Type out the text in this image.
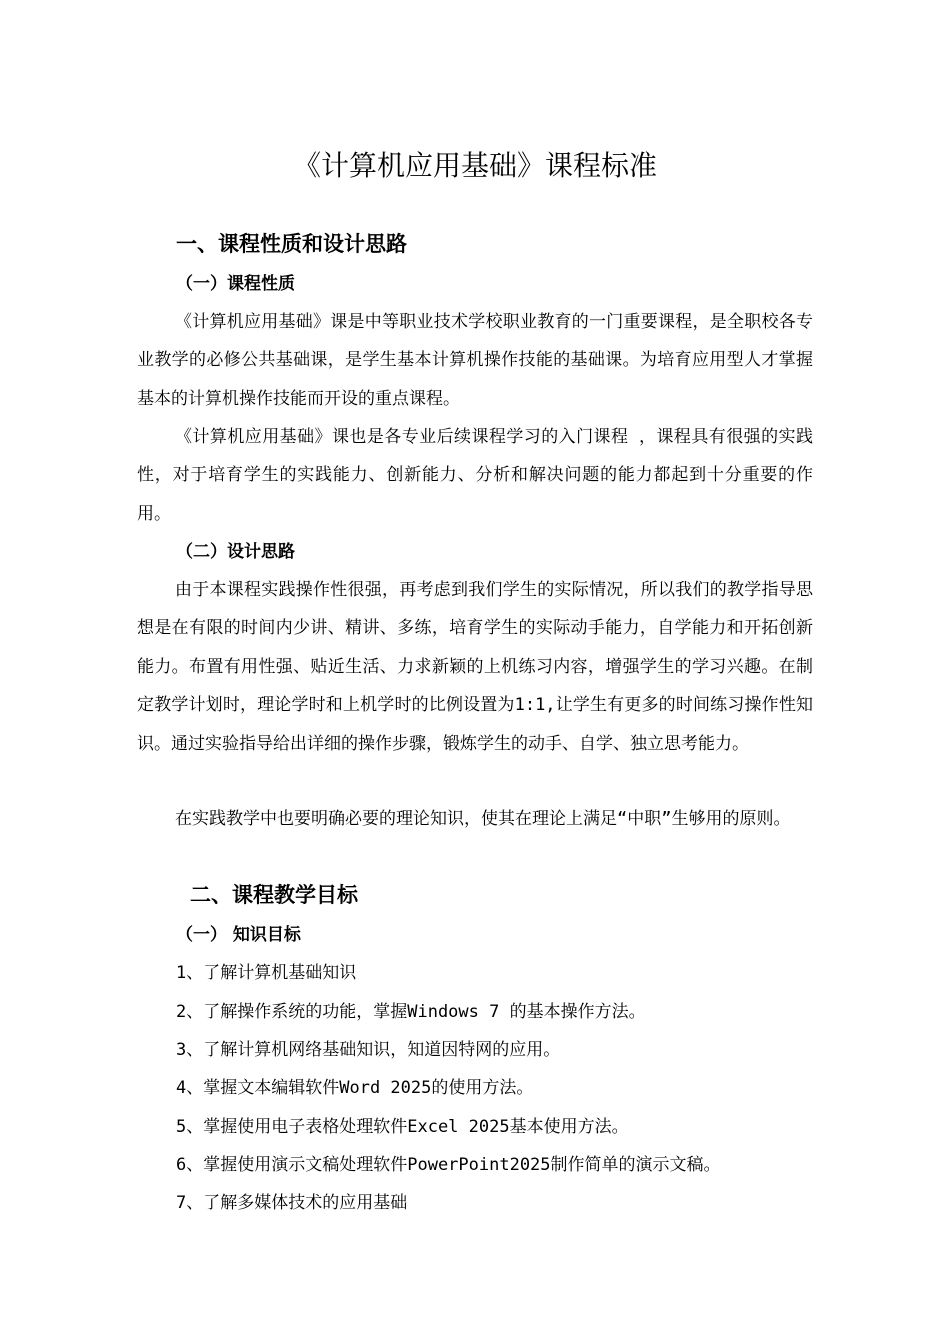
《计算机应用基础》课程标准
一、课程性质和设计思路
（一）课程性质

《计算机应用基础》课是中等职业技术学校职业教育的一门重要课程，是全职校各专业教学的必修公共基础课，是学生基本计算机操作技能的基础课。为培育应用型人才掌握基本的计算机操作技能而开设的重点课程。

《计算机应用基础》课也是各专业后续课程学习的入门课程 ，课程具有很强的实践性，对于培育学生的实践能力、创新能力、分析和解决问题的能力都起到十分重要的作用。

（二）设计思路

由于本课程实践操作性很强，再考虑到我们学生的实际情况，所以我们的教学指导思想是在有限的时间内少讲、精讲、多练，培育学生的实际动手能力，自学能力和开拓创新能力。布置有用性强、贴近生活、力求新颖的上机练习内容，增强学生的学习兴趣。在制定教学计划时，理论学时和上机学时的比例设置为1:1,让学生有更多的时间练习操作性知识。通过实验指导给出详细的操作步骤，锻炼学生的动手、自学、独立思考能力。

在实践教学中也要明确必要的理论知识，使其在理论上满足“中职”生够用的原则。

二、课程教学目标
（一） 知识目标
1、了解计算机基础知识
2、了解操作系统的功能，掌握Windows 7 的基本操作方法。
3、了解计算机网络基础知识，知道因特网的应用。
4、掌握文本编辑软件Word 2025的使用方法。
5、掌握使用电子表格处理软件Excel 2025基本使用方法。
6、掌握使用演示文稿处理软件PowerPoint2025制作简单的演示文稿。
7、了解多媒体技术的应用基础
